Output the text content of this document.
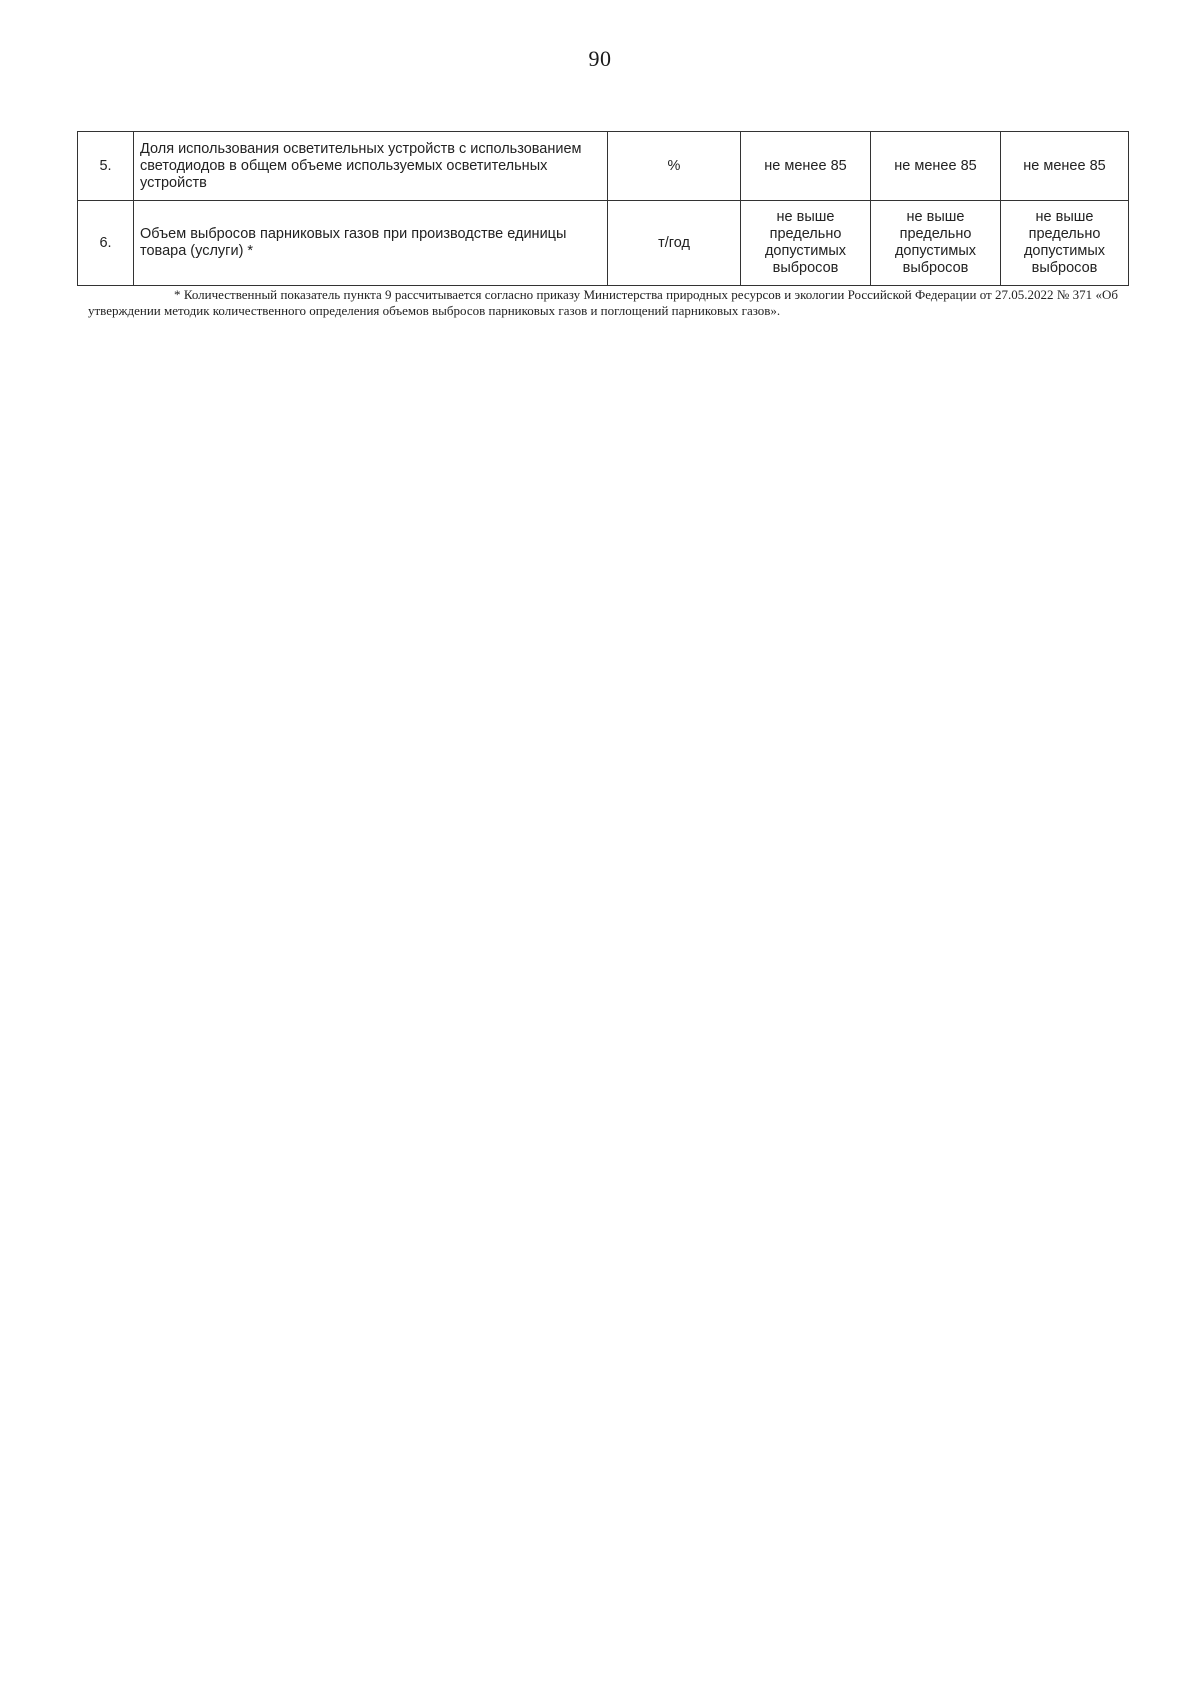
90
5.	Доля использования осветительных устройств с использованием светодиодов в общем объеме используемых осветительных устройств	%	не менее 85	не менее 85	не менее 85
6.	Объем выбросов парниковых газов при производстве единицы товара (услуги) *	т/год	не выше предельно допустимых выбросов	не выше предельно допустимых выбросов	не выше предельно допустимых выбросов
* Количественный показатель пункта 9 рассчитывается согласно приказу Министерства природных ресурсов и экологии Российской Федерации от 27.05.2022 № 371 «Об утверждении методик количественного определения объемов выбросов парниковых газов и поглощений парниковых газов».
